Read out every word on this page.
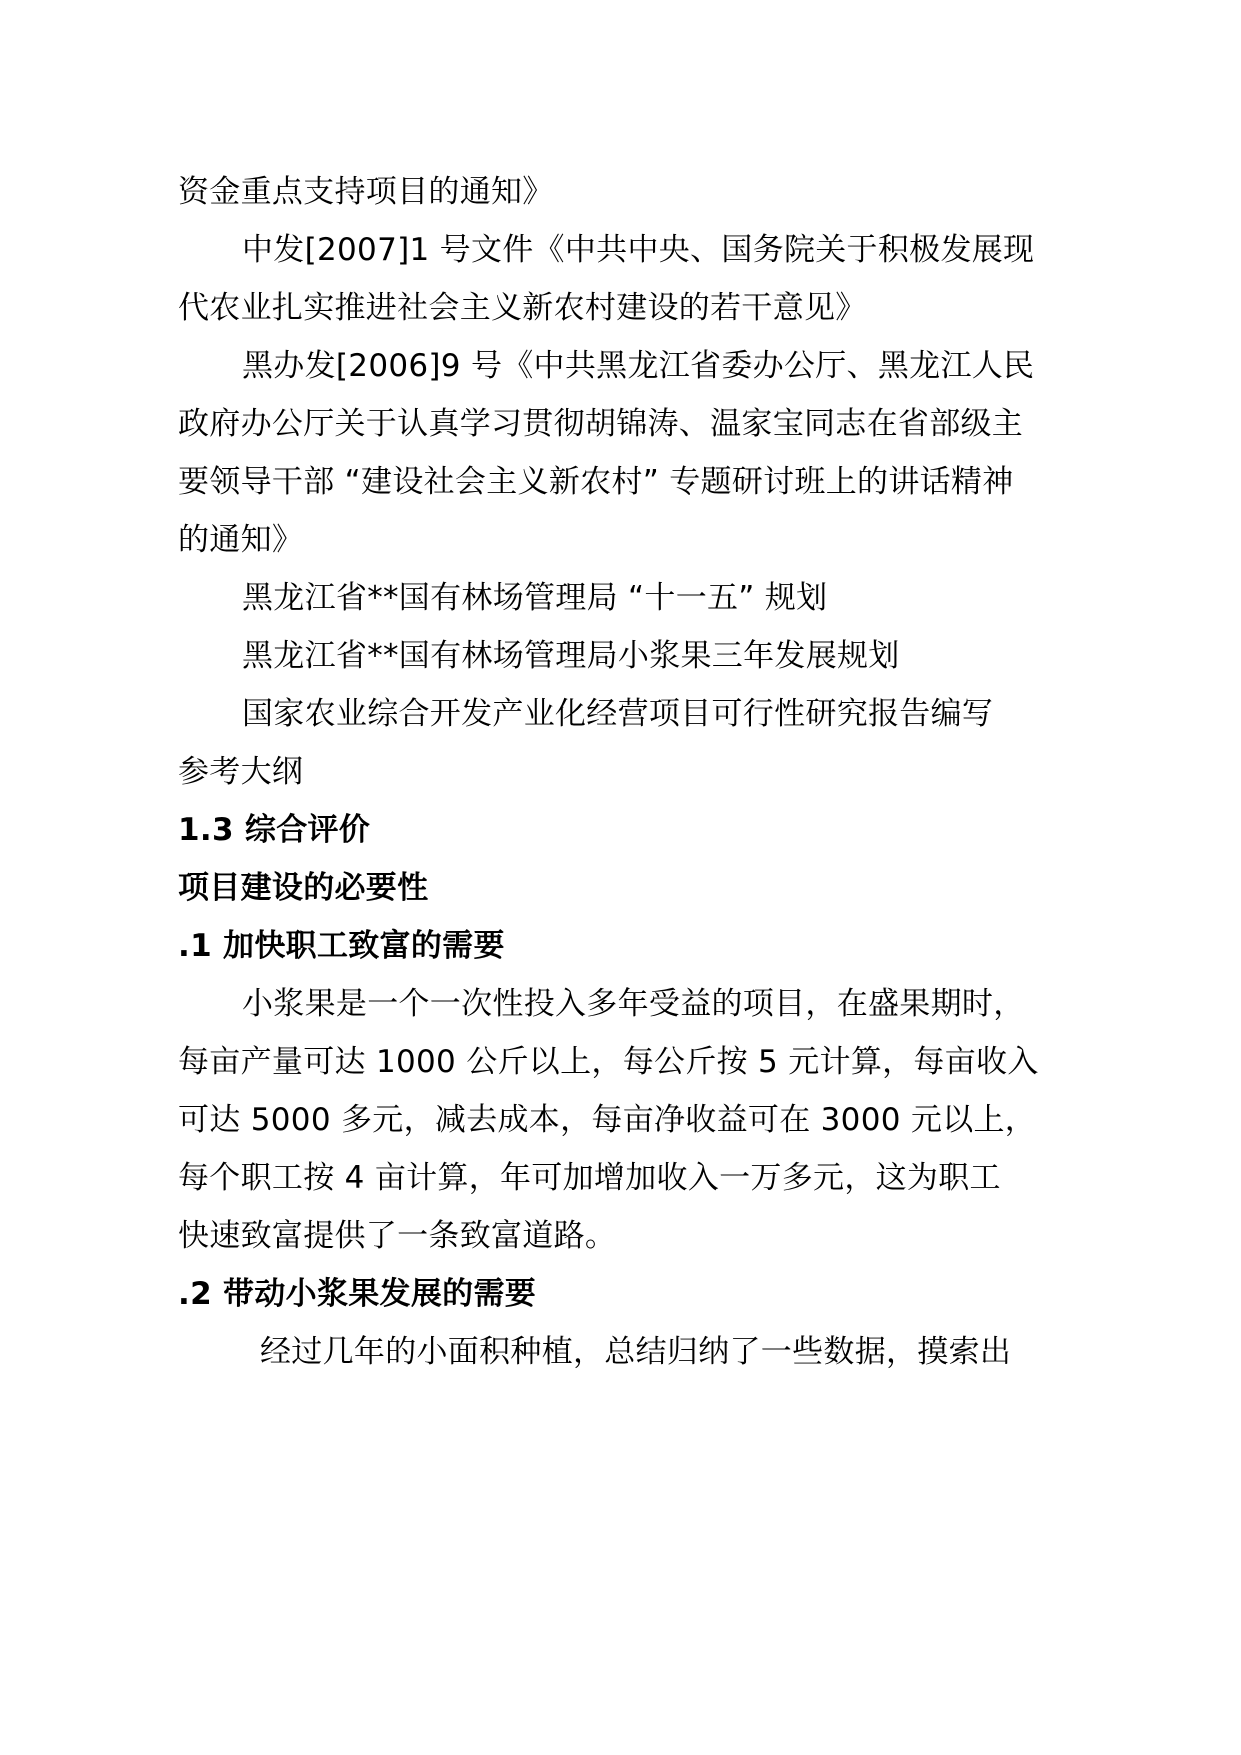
资金重点支持项目的通知》
中发[2007]1 号文件《中共中央、国务院关于积极发展现
代农业扎实推进社会主义新农村建设的若干意见》
黑办发[2006]9 号《中共黑龙江省委办公厅、黑龙江人民
政府办公厅关于认真学习贯彻胡锦涛、温家宝同志在省部级主
要领导干部 “建设社会主义新农村” 专题研讨班上的讲话精神
的通知》
黑龙江省**国有林场管理局 “十一五” 规划
黑龙江省**国有林场管理局小浆果三年发展规划
国家农业综合开发产业化经营项目可行性研究报告编写
参考大纲
1.3 综合评价
项目建设的必要性
.1 加快职工致富的需要
小浆果是一个一次性投入多年受益的项目，在盛果期时，
每亩产量可达 1000 公斤以上，每公斤按 5 元计算，每亩收入
可达 5000 多元，减去成本，每亩净收益可在 3000 元以上，
每个职工按 4 亩计算，年可加增加收入一万多元，这为职工
快速致富提供了一条致富道路。
.2 带动小浆果发展的需要
经过几年的小面积种植，总结归纳了一些数据，摸索出
